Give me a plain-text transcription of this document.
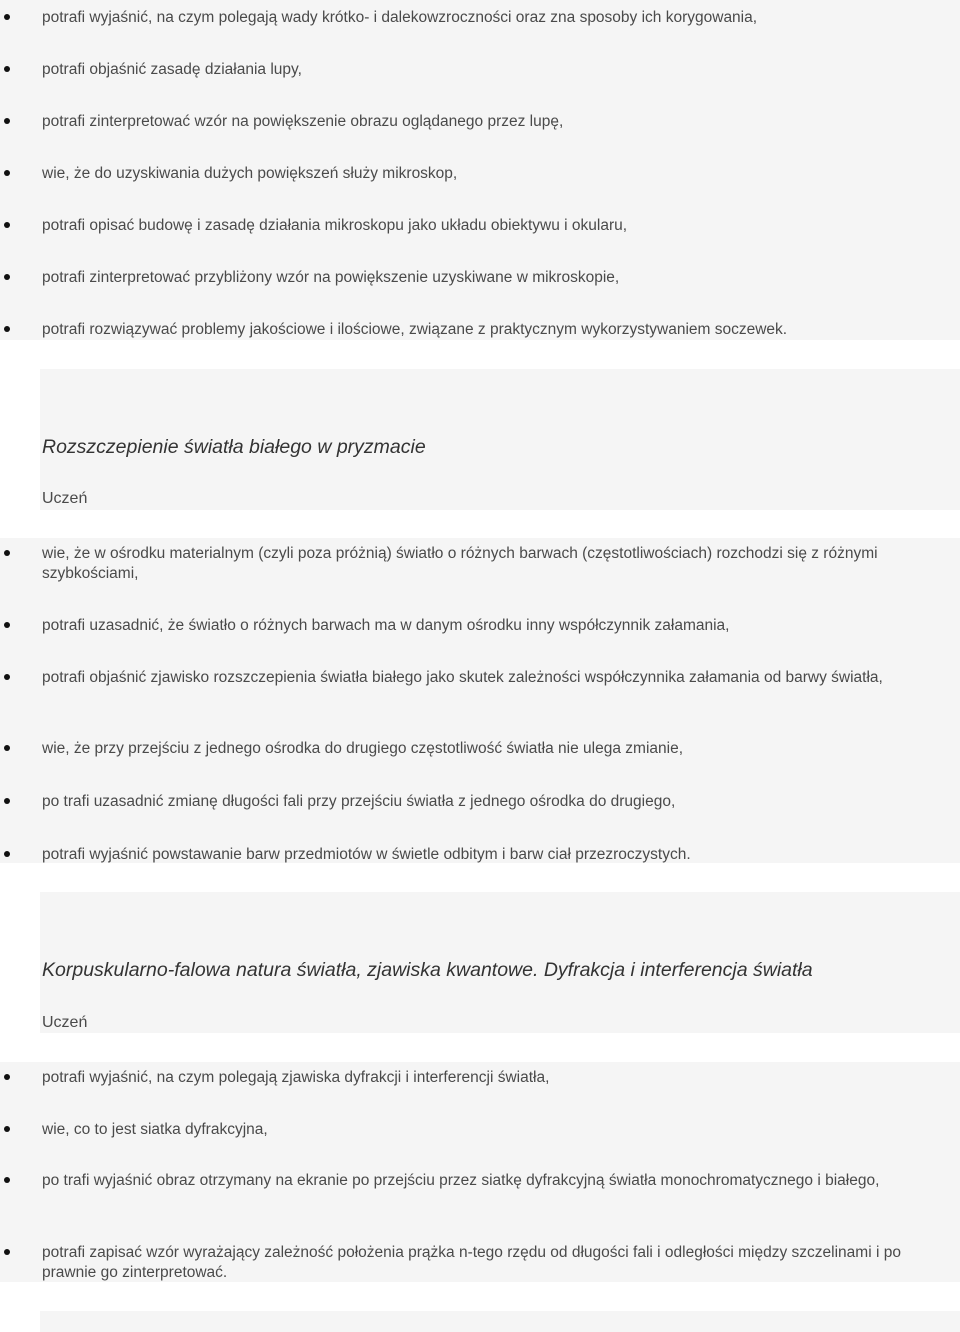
potrafi wyjaśnić, na czym polegają wady krótko- i dalekowzroczności oraz zna sposoby ich korygowania,
potrafi objaśnić zasadę działania lupy,
potrafi zinterpretować wzór na powiększenie obrazu oglądanego przez lupę,
wie, że do uzyskiwania dużych powiększeń służy mikroskop,
potrafi opisać budowę i zasadę działania mikroskopu jako układu obiektywu i okularu,
potrafi zinterpretować przybliżony wzór na powiększenie uzyskiwane w mikroskopie,
potrafi rozwiązywać problemy jakościowe i ilościowe, związane z praktycznym wykorzystywaniem soczewek.
Rozszczepienie światła białego w pryzmacie
Uczeń
wie, że w ośrodku materialnym (czyli poza próżnią) światło o różnych barwach (częstotliwościach) rozchodzi się z różnymi szybkościami,
potrafi uzasadnić, że światło o różnych barwach ma w danym ośrodku inny współczynnik załamania,
potrafi objaśnić zjawisko rozszczepienia światła białego jako skutek zależności współczynnika załamania od barwy światła,
wie, że przy przejściu z jednego ośrodka do drugiego częstotliwość światła nie ulega zmianie,
po trafi uzasadnić zmianę długości fali przy przejściu światła z jednego ośrodka do drugiego,
potrafi wyjaśnić powstawanie barw przedmiotów w świetle odbitym i barw ciał przezroczystych.
Korpuskularno-falowa natura światła, zjawiska kwantowe. Dyfrakcja i interferencja światła
Uczeń
potrafi wyjaśnić, na czym polegają zjawiska dyfrakcji i interferencji światła,
wie, co to jest siatka dyfrakcyjna,
po trafi wyjaśnić obraz otrzymany na ekranie po przejściu przez siatkę dyfrakcyjną światła monochromatycznego i białego,
potrafi zapisać wzór wyrażający zależność położenia prążka n-tego rzędu od długości fali i odległości między szczelinami i po prawnie go zinterpretować.
